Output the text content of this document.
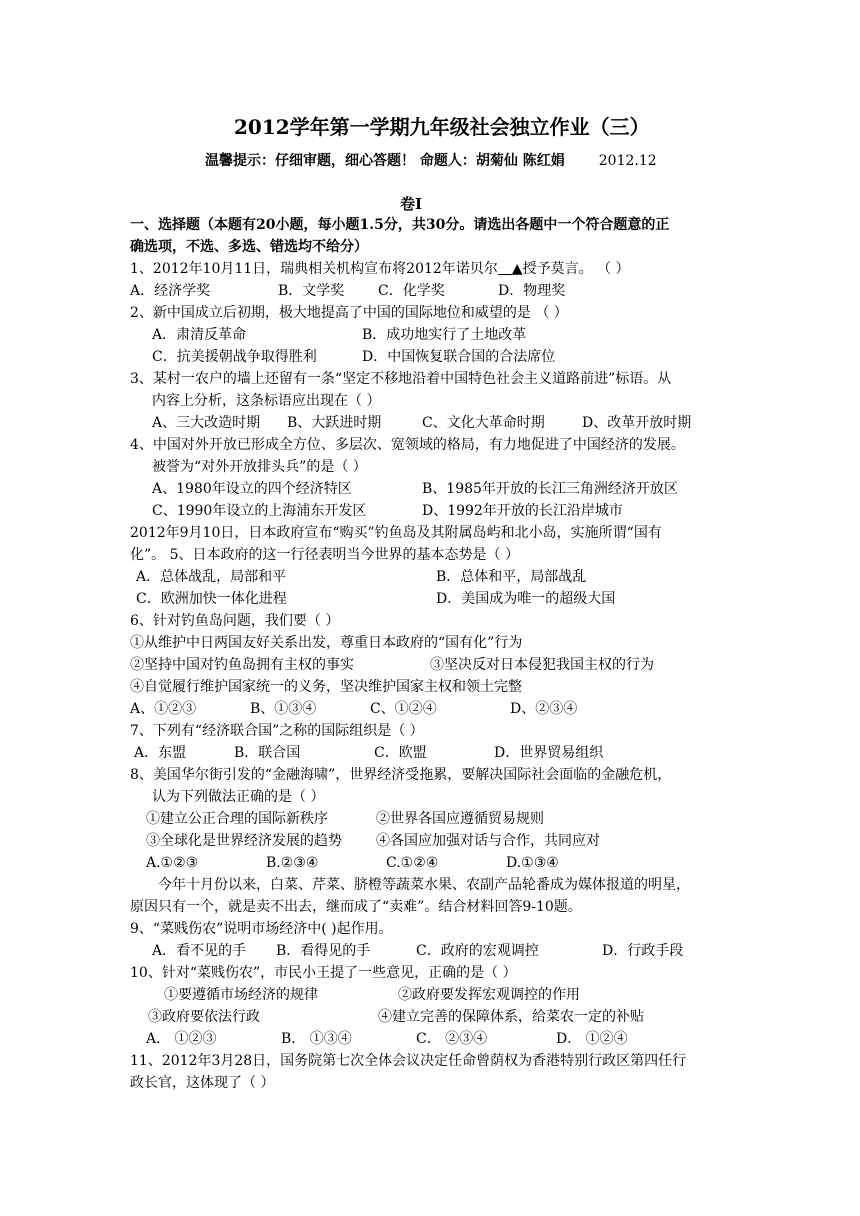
2012学年第一学期九年级社会独立作业（三）
温馨提示：仔细审题，细心答题！ 命题人：胡菊仙 陈红娟 2012.12
卷Ⅰ
一、选择题（本题有20小题，每小题1.5分，共30分。请选出各题中一个符合题意的正
确选项，不选、多选、错选均不给分）
1、2012年10月11日，瑞典相关机构宣布将2012年诺贝尔 ▲授予莫言。 （ ）
A．经济学奖	B．文学奖	C．化学奖	D．物理奖
2、新中国成立后初期，极大地提高了中国的国际地位和威望的是 （ ）
A．肃清反革命	B．成功地实行了土地改革
C．抗美援朝战争取得胜利	D．中国恢复联合国的合法席位
3、某村一农户的墙上还留有一条“坚定不移地沿着中国特色社会主义道路前进”标语。从
内容上分析，这条标语应出现在（ ）
A、三大改造时期	B、大跃进时期	C、文化大革命时期	D、改革开放时期
4、中国对外开放已形成全方位、多层次、宽领域的格局，有力地促进了中国经济的发展。
被誉为“对外开放排头兵”的是（ ）
A、1980年设立的四个经济特区	B、1985年开放的长江三角洲经济开放区
C、1990年设立的上海浦东开发区	D、1992年开放的长江沿岸城市
2012年9月10日，日本政府宣布“购买”钓鱼岛及其附属岛屿和北小岛，实施所谓“国有
化”。 5、日本政府的这一行径表明当今世界的基本态势是（ ）
A．总体战乱，局部和平	B．总体和平，局部战乱
C．欧洲加快一体化进程	D．美国成为唯一的超级大国
6、针对钓鱼岛问题，我们要（ ）
①从维护中日两国友好关系出发，尊重日本政府的“国有化”行为
②坚持中国对钓鱼岛拥有主权的事实	③坚决反对日本侵犯我国主权的行为
④自觉履行维护国家统一的义务，坚决维护国家主权和领土完整
A、①②③	B、①③④	C、①②④	D、②③④
7、下列有“经济联合国”之称的国际组织是（ ）
A．东盟	B．联合国	C．欧盟	D．世界贸易组织
8、美国华尔街引发的“金融海啸”，世界经济受拖累，要解决国际社会面临的金融危机，
认为下列做法正确的是（ ）
①建立公正合理的国际新秩序	②世界各国应遵循贸易规则
③全球化是世界经济发展的趋势	④各国应加强对话与合作，共同应对
A.①②③	B.②③④	C.①②④	D.①③④
今年十月份以来，白菜、芹菜、脐橙等蔬菜水果、农副产品轮番成为媒体报道的明星，
原因只有一个，就是卖不出去，继而成了“卖难”。结合材料回答9-10题。
9、“菜贱伤农”说明市场经济中( )起作用。
A．看不见的手	B．看得见的手	C．政府的宏观调控	D．行政手段
10、针对“菜贱伤农”，市民小王提了一些意见，正确的是（ ）
①要遵循市场经济的规律	②政府要发挥宏观调控的作用
③政府要依法行政	④建立完善的保障体系，给菜农一定的补贴
A． ①②③	B． ①③④	C． ②③④	D． ①②④
11、2012年3月28日，国务院第七次全体会议决定任命曾荫权为香港特别行政区第四任行
政长官，这体现了（ ）
